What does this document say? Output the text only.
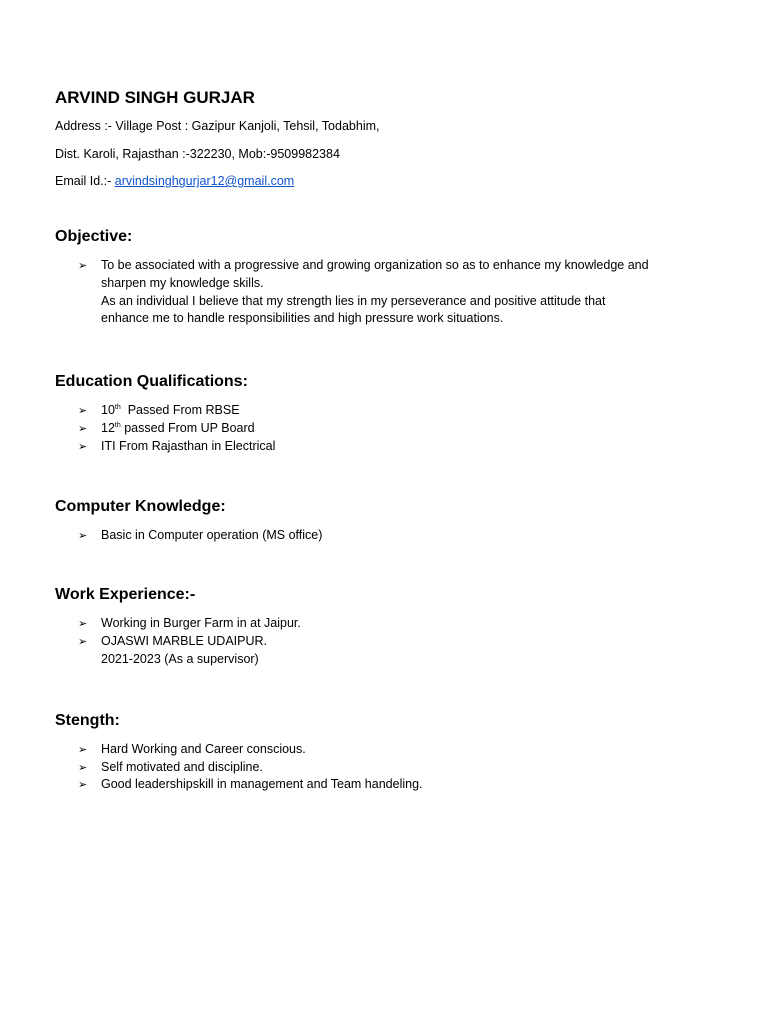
ARVIND SINGH GURJAR
Address :- Village Post : Gazipur Kanjoli, Tehsil, Todabhim,
Dist. Karoli, Rajasthan :-322230, Mob:-9509982384
Email Id.:- arvindsinghgurjar12@gmail.com
Objective:
➢ To be associated with a progressive and growing organization so as to enhance my knowledge and
sharpen my knowledge skills.
As an individual I believe that my strength lies in my perseverance and positive attitude that
enhance me to handle responsibilities and high pressure work situations.
Education Qualifications:
➢ 10th  Passed From RBSE
➢ 12th passed From UP Board
➢ ITI From Rajasthan in Electrical
Computer Knowledge:
➢ Basic in Computer operation (MS office)
Work Experience:-
➢ Working in Burger Farm in at Jaipur.
➢ OJASWI MARBLE UDAIPUR.
2021-2023 (As a supervisor)
Stength:
➢ Hard Working and Career conscious.
➢ Self motivated and discipline.
➢ Good leadershipskill in management and Team handeling.
